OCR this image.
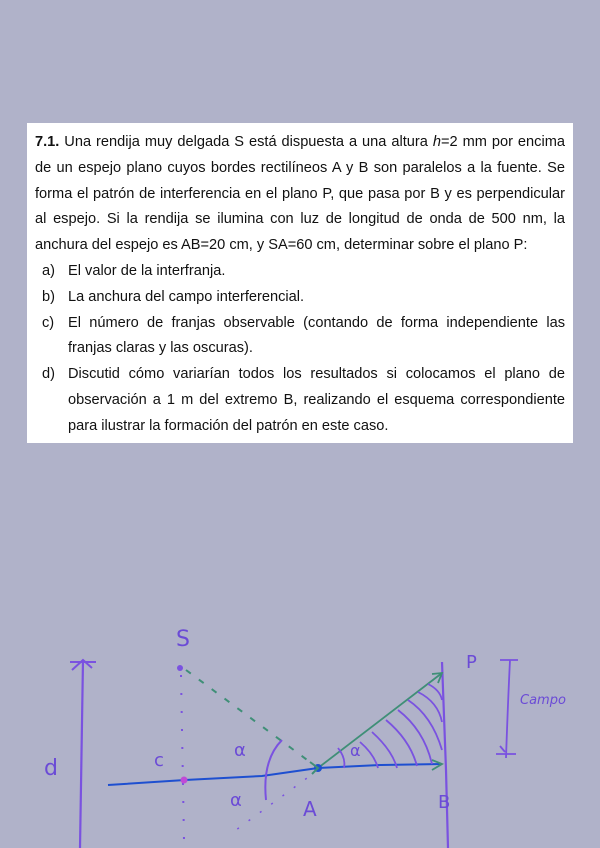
7.1. Una rendija muy delgada S está dispuesta a una altura h=2 mm por encima de un espejo plano cuyos bordes rectilíneos A y B son paralelos a la fuente. Se forma el patrón de interferencia en el plano P, que pasa por B y es perpendicular al espejo. Si la rendija se ilumina con luz de longitud de onda de 500 nm, la anchura del espejo es AB=20 cm, y SA=60 cm, determinar sobre el plano P:

a) El valor de la interfranja.
b) La anchura del campo interferencial.
c) El número de franjas observable (contando de forma independiente las franjas claras y las oscuras).
d) Discutid cómo variarían todos los resultados si colocamos el plano de observación a 1 m del extremo B, realizando el esquema correspondiente para ilustrar la formación del patrón en este caso.
d
S
c	α
α
α	A	B
P
Campo
